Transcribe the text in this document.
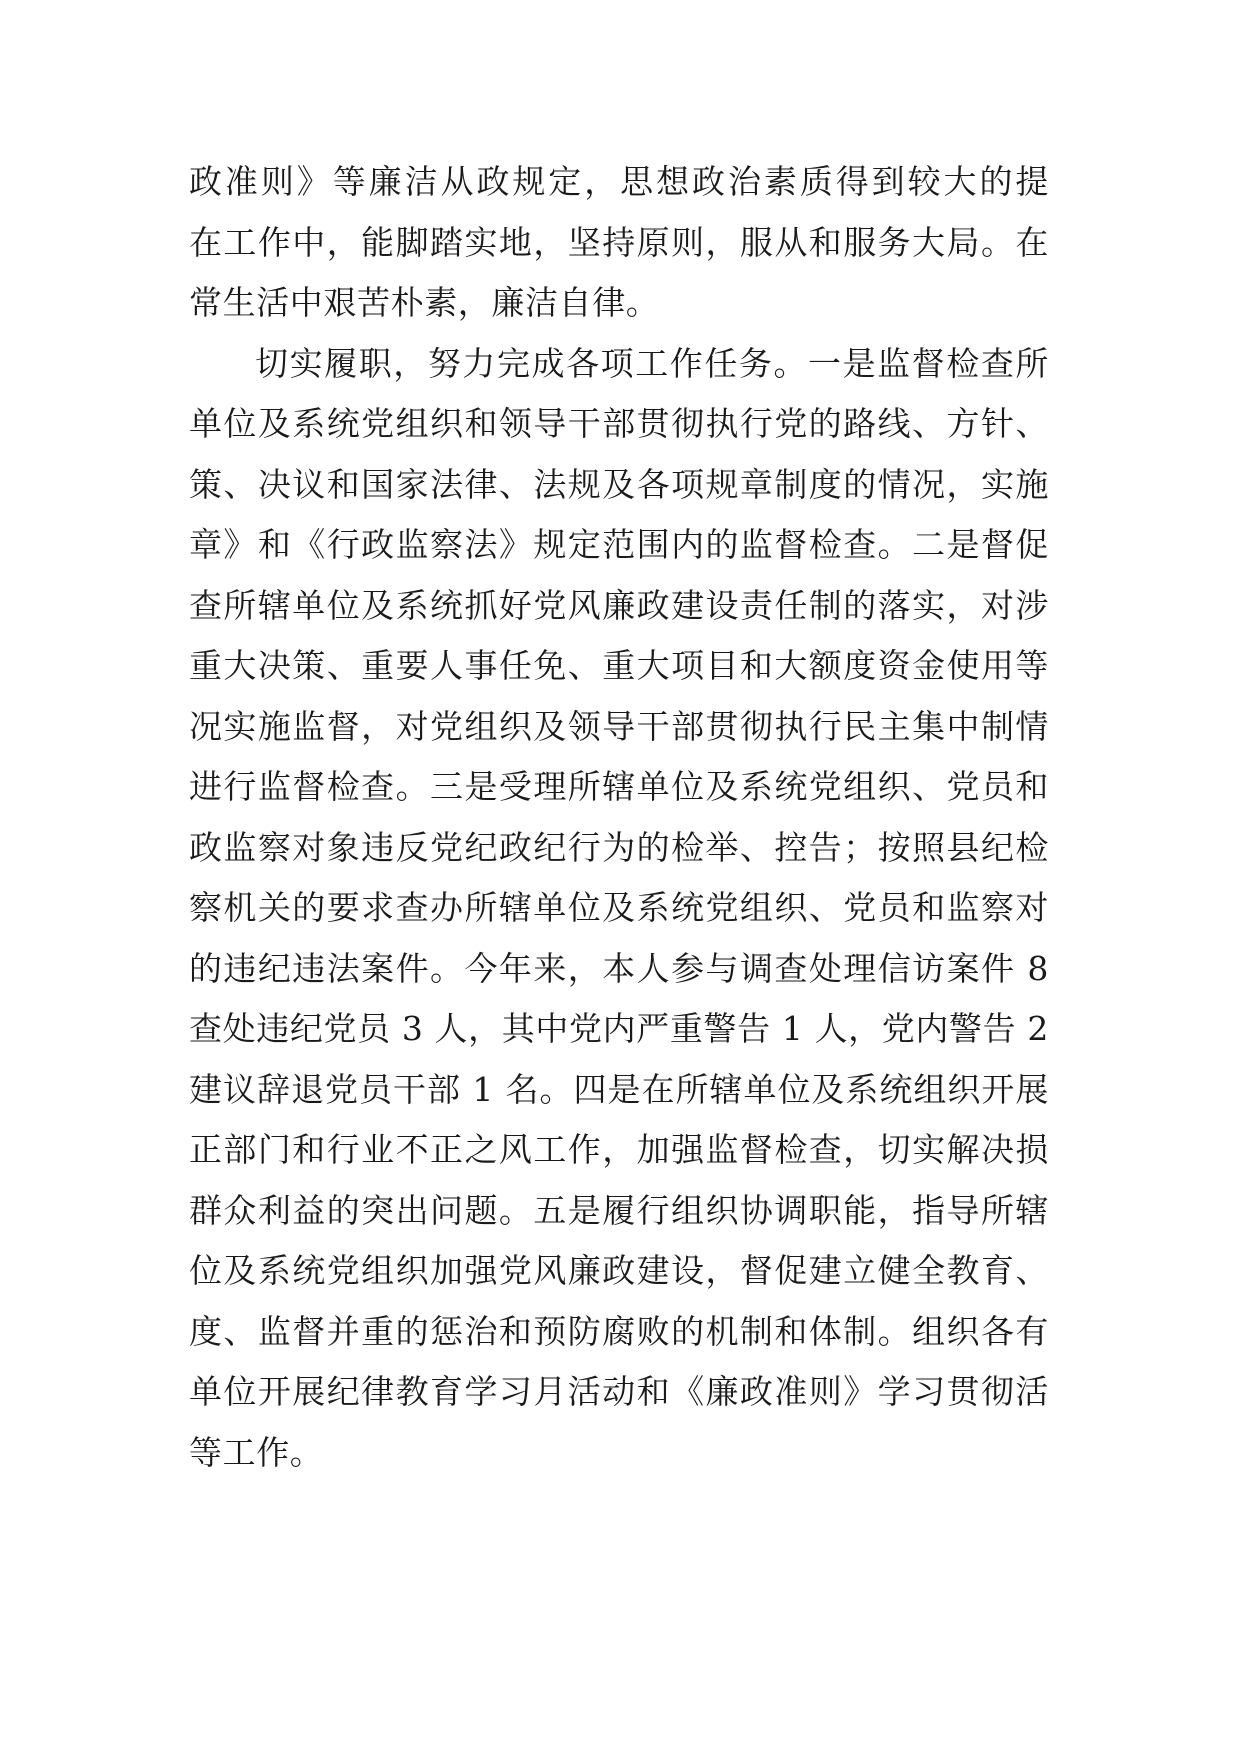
政准则》等廉洁从政规定，思想政治素质得到较大的提
在工作中，能脚踏实地，坚持原则，服从和服务大局。在
常生活中艰苦朴素，廉洁自律。
切实履职，努力完成各项工作任务。一是监督检查所
单位及系统党组织和领导干部贯彻执行党的路线、方针、
策、决议和国家法律、法规及各项规章制度的情况，实施
章》和《行政监察法》规定范围内的监督检查。二是督促
查所辖单位及系统抓好党风廉政建设责任制的落实，对涉
重大决策、重要人事任免、重大项目和大额度资金使用等
况实施监督，对党组织及领导干部贯彻执行民主集中制情
进行监督检查。三是受理所辖单位及系统党组织、党员和
政监察对象违反党纪政纪行为的检举、控告；按照县纪检
察机关的要求查办所辖单位及系统党组织、党员和监察对
的违纪违法案件。今年来，本人参与调查处理信访案件 8
查处违纪党员 3 人，其中党内严重警告 1 人，党内警告 2
建议辞退党员干部 1 名。四是在所辖单位及系统组织开展
正部门和行业不正之风工作，加强监督检查，切实解决损
群众利益的突出问题。五是履行组织协调职能，指导所辖
位及系统党组织加强党风廉政建设，督促建立健全教育、
度、监督并重的惩治和预防腐败的机制和体制。组织各有
单位开展纪律教育学习月活动和《廉政准则》学习贯彻活
等工作。
